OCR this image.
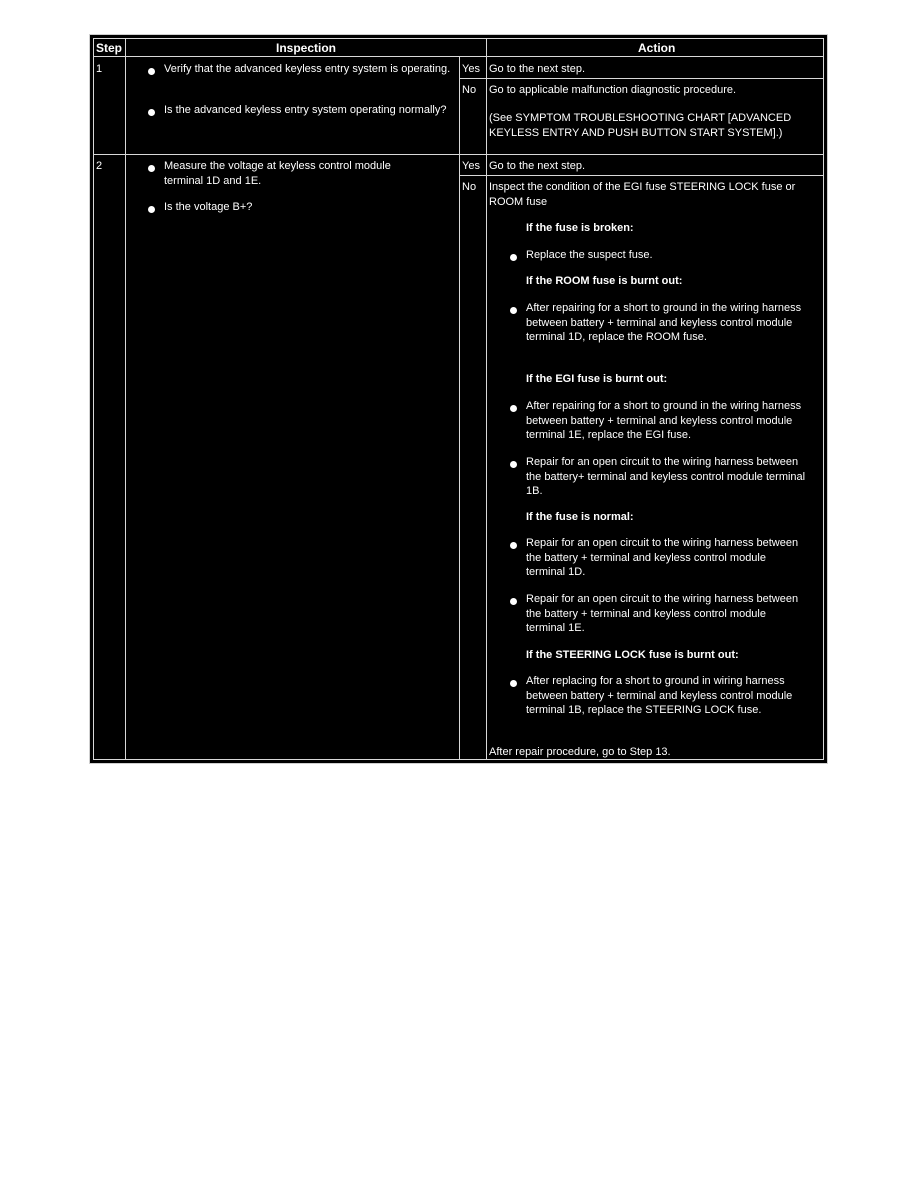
Step	Inspection	Action
1	Verify that the advanced keyless entry system is operating.
Is the advanced keyless entry system operating normally?
Yes Go to the next step.
No Go to applicable malfunction diagnostic procedure.
(See SYMPTOM TROUBLESHOOTING CHART [ADVANCED KEYLESS ENTRY AND PUSH BUTTON START SYSTEM].)
2	Measure the voltage at keyless control module terminal 1D and 1E.
Is the voltage B+?
Yes Go to the next step.
No Inspect the condition of the EGI fuse STEERING LOCK fuse or ROOM fuse
If the fuse is broken:
Replace the suspect fuse.
If the ROOM fuse is burnt out:
After repairing for a short to ground in the wiring harness between battery + terminal and keyless control module terminal 1D, replace the ROOM fuse.
If the EGI fuse is burnt out:
After repairing for a short to ground in the wiring harness between battery + terminal and keyless control module terminal 1E, replace the EGI fuse.
Repair for an open circuit to the wiring harness between the battery+ terminal and keyless control module terminal 1B.
If the fuse is normal:
Repair for an open circuit to the wiring harness between the battery + terminal and keyless control module terminal 1D.
Repair for an open circuit to the wiring harness between the battery + terminal and keyless control module terminal 1E.
If the STEERING LOCK fuse is burnt out:
After replacing for a short to ground in wiring harness between battery + terminal and keyless control module terminal 1B, replace the STEERING LOCK fuse.
After repair procedure, go to Step 13.
